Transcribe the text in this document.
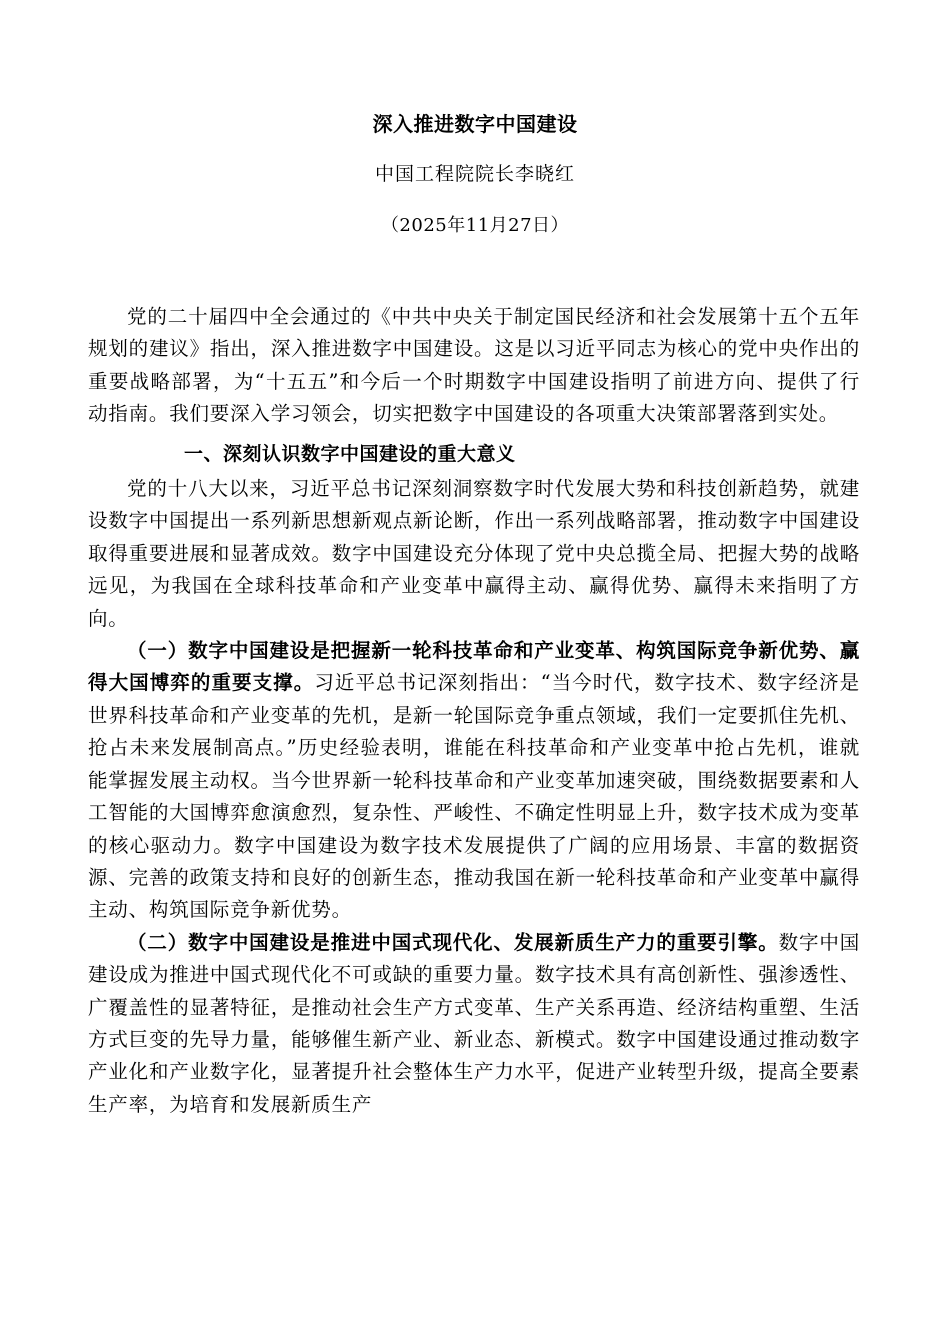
深入推进数字中国建设
中国工程院院长李晓红
（2025年11月27日）

党的二十届四中全会通过的《中共中央关于制定国民经济和社会发展第十五个五年规划的建议》指出，深入推进数字中国建设。这是以习近平同志为核心的党中央作出的重要战略部署，为“十五五”和今后一个时期数字中国建设指明了前进方向、提供了行动指南。我们要深入学习领会，切实把数字中国建设的各项重大决策部署落到实处。

一、深刻认识数字中国建设的重大意义

党的十八大以来，习近平总书记深刻洞察数字时代发展大势和科技创新趋势，就建设数字中国提出一系列新思想新观点新论断，作出一系列战略部署，推动数字中国建设取得重要进展和显著成效。数字中国建设充分体现了党中央总揽全局、把握大势的战略远见，为我国在全球科技革命和产业变革中赢得主动、赢得优势、赢得未来指明了方向。

（一）数字中国建设是把握新一轮科技革命和产业变革、构筑国际竞争新优势、赢得大国博弈的重要支撑。习近平总书记深刻指出：“当今时代，数字技术、数字经济是世界科技革命和产业变革的先机，是新一轮国际竞争重点领域，我们一定要抓住先机、抢占未来发展制高点。”历史经验表明，谁能在科技革命和产业变革中抢占先机，谁就能掌握发展主动权。当今世界新一轮科技革命和产业变革加速突破，围绕数据要素和人工智能的大国博弈愈演愈烈，复杂性、严峻性、不确定性明显上升，数字技术成为变革的核心驱动力。数字中国建设为数字技术发展提供了广阔的应用场景、丰富的数据资源、完善的政策支持和良好的创新生态，推动我国在新一轮科技革命和产业变革中赢得主动、构筑国际竞争新优势。

（二）数字中国建设是推进中国式现代化、发展新质生产力的重要引擎。数字中国建设成为推进中国式现代化不可或缺的重要力量。数字技术具有高创新性、强渗透性、广覆盖性的显著特征，是推动社会生产方式变革、生产关系再造、经济结构重塑、生活方式巨变的先导力量，能够催生新产业、新业态、新模式。数字中国建设通过推动数字产业化和产业数字化，显著提升社会整体生产力水平，促进产业转型升级，提高全要素生产率，为培育和发展新质生产
